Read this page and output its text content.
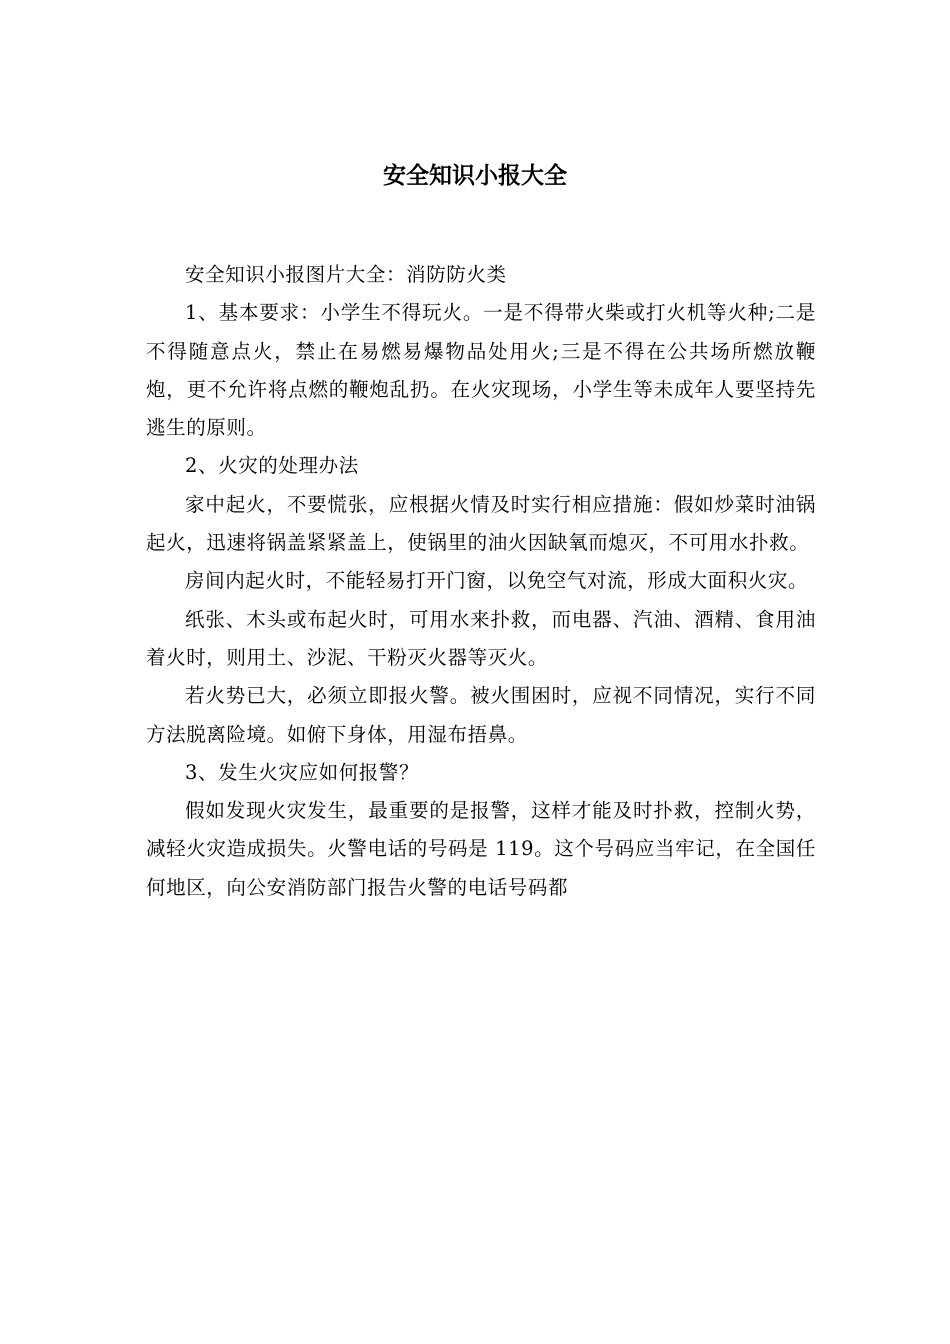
安全知识小报大全

安全知识小报图片大全：消防防火类

1、基本要求：小学生不得玩火。一是不得带火柴或打火机等火种;二是不得随意点火，禁止在易燃易爆物品处用火;三是不得在公共场所燃放鞭炮，更不允许将点燃的鞭炮乱扔。在火灾现场，小学生等未成年人要坚持先逃生的原则。

2、火灾的处理办法

家中起火，不要慌张，应根据火情及时实行相应措施：假如炒菜时油锅起火，迅速将锅盖紧紧盖上，使锅里的油火因缺氧而熄灭，不可用水扑救。

房间内起火时，不能轻易打开门窗，以免空气对流，形成大面积火灾。

纸张、木头或布起火时，可用水来扑救，而电器、汽油、酒精、食用油着火时，则用土、沙泥、干粉灭火器等灭火。

若火势已大，必须立即报火警。被火围困时，应视不同情况，实行不同方法脱离险境。如俯下身体，用湿布捂鼻。

3、发生火灾应如何报警？

假如发现火灾发生，最重要的是报警，这样才能及时扑救，控制火势，减轻火灾造成损失。火警电话的号码是 119。这个号码应当牢记，在全国任何地区，向公安消防部门报告火警的电话号码都
